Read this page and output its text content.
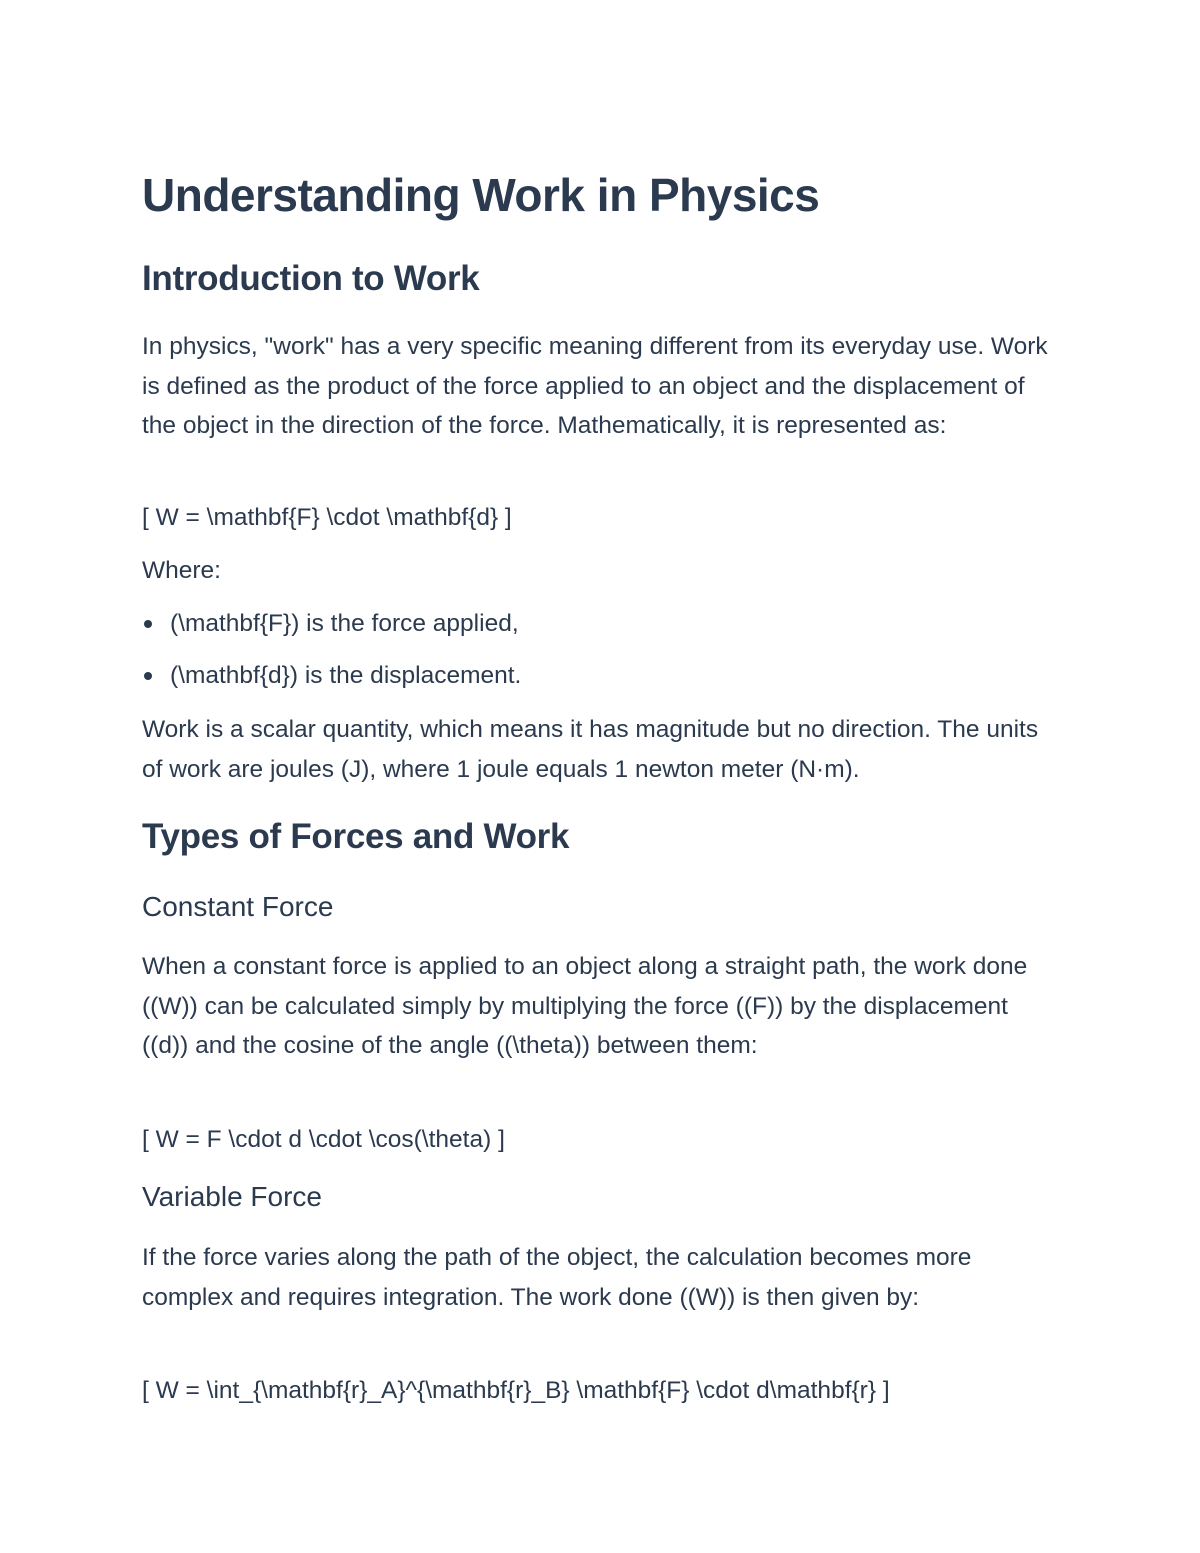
Understanding Work in Physics
Introduction to Work

In physics, "work" has a very specific meaning different from its everyday use. Work is defined as the product of the force applied to an object and the displacement of the object in the direction of the force. Mathematically, it is represented as:

[ W = \mathbf{F} \cdot \mathbf{d} ]

Where:

(\mathbf{F}) is the force applied,
(\mathbf{d}) is the displacement.

Work is a scalar quantity, which means it has magnitude but no direction. The units of work are joules (J), where 1 joule equals 1 newton meter (N·m).

Types of Forces and Work
Constant Force

When a constant force is applied to an object along a straight path, the work done ((W)) can be calculated simply by multiplying the force ((F)) by the displacement ((d)) and the cosine of the angle ((\theta)) between them:

[ W = F \cdot d \cdot \cos(\theta) ]

Variable Force

If the force varies along the path of the object, the calculation becomes more complex and requires integration. The work done ((W)) is then given by:

[ W = \int_{\mathbf{r}_A}^{\mathbf{r}_B} \mathbf{F} \cdot d\mathbf{r} ]
